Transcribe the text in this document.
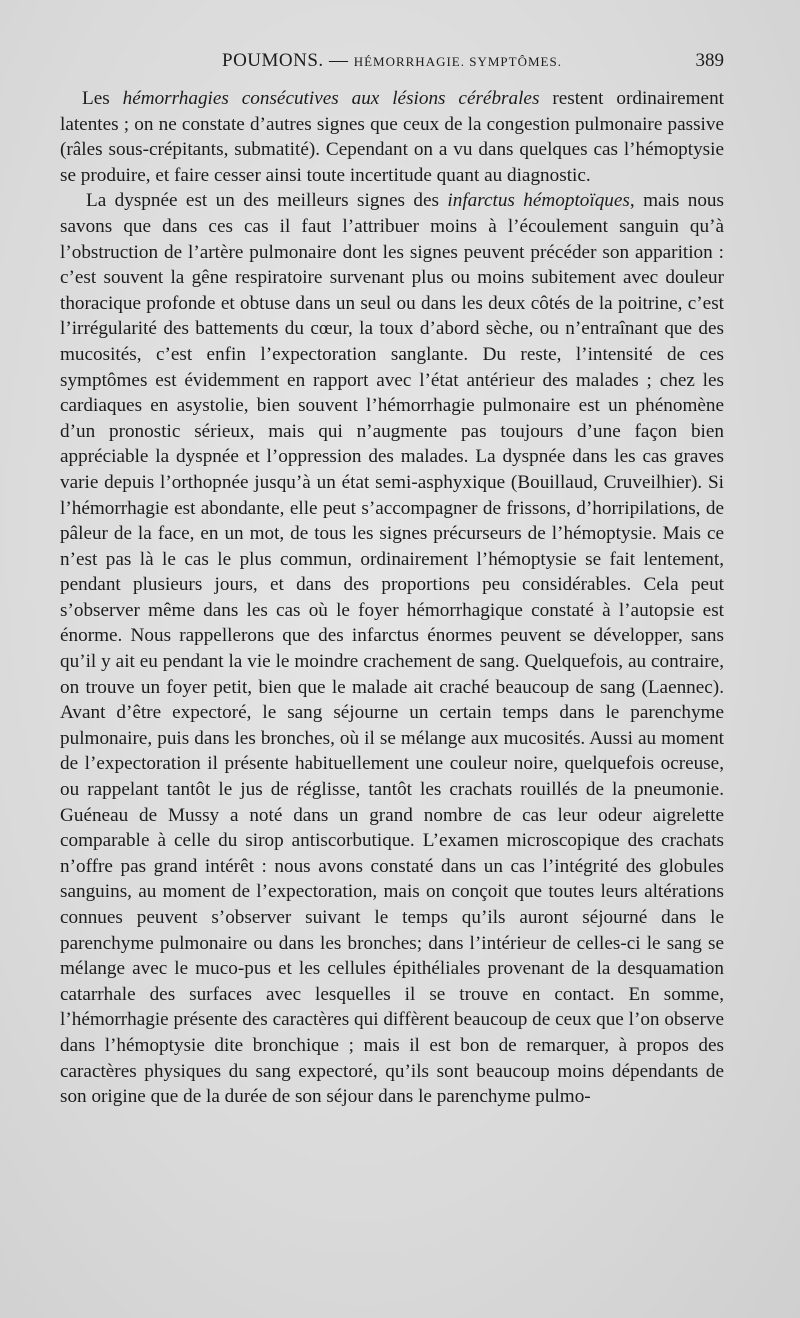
POUMONS. — HÉMORRHAGIE. SYMPTÔMES.	389

Les hémorrhagies consécutives aux lésions cérébrales restent ordinairement latentes ; on ne constate d’autres signes que ceux de la congestion pulmonaire passive (râles sous-crépitants, submatité). Cependant on a vu dans quelques cas l’hémoptysie se produire, et faire cesser ainsi toute incertitude quant au diagnostic.

La dyspnée est un des meilleurs signes des infarctus hémoptoïques, mais nous savons que dans ces cas il faut l’attribuer moins à l’écoulement sanguin qu’à l’obstruction de l’artère pulmonaire dont les signes peuvent précéder son apparition : c’est souvent la gêne respiratoire survenant plus ou moins subitement avec douleur thoracique profonde et obtuse dans un seul ou dans les deux côtés de la poitrine, c’est l’irrégularité des battements du cœur, la toux d’abord sèche, ou n’entraînant que des mucosités, c’est enfin l’expectoration sanglante. Du reste, l’intensité de ces symptômes est évidemment en rapport avec l’état antérieur des malades ; chez les cardiaques en asystolie, bien souvent l’hémorrhagie pulmonaire est un phénomène d’un pronostic sérieux, mais qui n’augmente pas toujours d’une façon bien appréciable la dyspnée et l’oppression des malades. La dyspnée dans les cas graves varie depuis l’orthopnée jusqu’à un état semi-asphyxique (Bouillaud, Cruveilhier). Si l’hémorrhagie est abondante, elle peut s’accompagner de frissons, d’horripilations, de pâleur de la face, en un mot, de tous les signes précurseurs de l’hémoptysie. Mais ce n’est pas là le cas le plus commun, ordinairement l’hémoptysie se fait lentement, pendant plusieurs jours, et dans des proportions peu considérables. Cela peut s’observer même dans les cas où le foyer hémorrhagique constaté à l’autopsie est énorme. Nous rappellerons que des infarctus énormes peuvent se développer, sans qu’il y ait eu pendant la vie le moindre crachement de sang. Quelquefois, au contraire, on trouve un foyer petit, bien que le malade ait craché beaucoup de sang (Laennec). Avant d’être expectoré, le sang séjourne un certain temps dans le parenchyme pulmonaire, puis dans les bronches, où il se mélange aux mucosités. Aussi au moment de l’expectoration il présente habituellement une couleur noire, quelquefois ocreuse, ou rappelant tantôt le jus de réglisse, tantôt les crachats rouillés de la pneumonie. Guéneau de Mussy a noté dans un grand nombre de cas leur odeur aigrelette comparable à celle du sirop antiscorbutique. L’examen microscopique des crachats n’offre pas grand intérêt : nous avons constaté dans un cas l’intégrité des globules sanguins, au moment de l’expectoration, mais on conçoit que toutes leurs altérations connues peuvent s’observer suivant le temps qu’ils auront séjourné dans le parenchyme pulmonaire ou dans les bronches; dans l’intérieur de celles-ci le sang se mélange avec le muco-pus et les cellules épithéliales provenant de la desquamation catarrhale des surfaces avec lesquelles il se trouve en contact. En somme, l’hémorrhagie présente des caractères qui diffèrent beaucoup de ceux que l’on observe dans l’hémoptysie dite bronchique ; mais il est bon de remarquer, à propos des caractères physiques du sang expectoré, qu’ils sont beaucoup moins dépendants de son origine que de la durée de son séjour dans le parenchyme pulmo-
